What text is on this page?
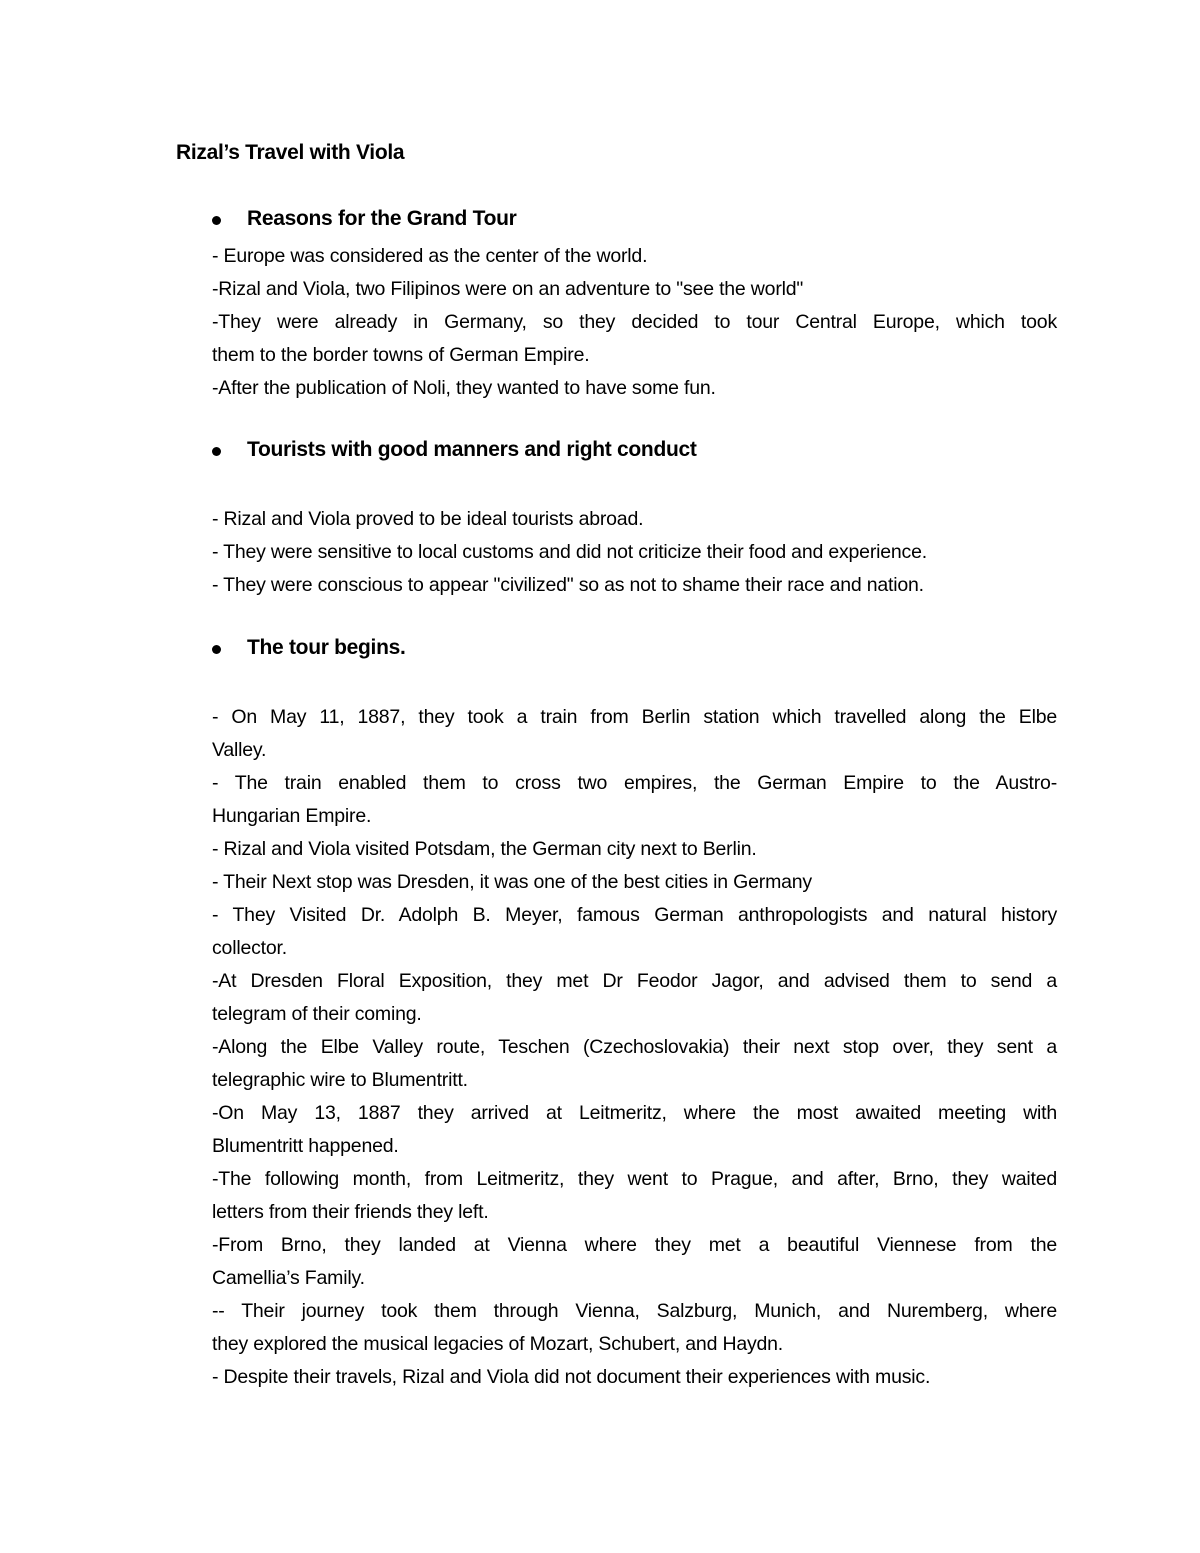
Rizal’s Travel with Viola
Reasons for the Grand Tour
- Europe was considered as the center of the world.
-Rizal and Viola, two Filipinos were on an adventure to "see the world"
-They were already in Germany, so they decided to tour Central Europe, which took
them to the border towns of German Empire.
-After the publication of Noli, they wanted to have some fun.
Tourists with good manners and right conduct
- Rizal and Viola proved to be ideal tourists abroad.
- They were sensitive to local customs and did not criticize their food and experience.
- They were conscious to appear "civilized" so as not to shame their race and nation.
The tour begins.
- On May 11, 1887, they took a train from Berlin station which travelled along the Elbe
Valley.
- The train enabled them to cross two empires, the German Empire to the Austro-
Hungarian Empire.
- Rizal and Viola visited Potsdam, the German city next to Berlin.
- Their Next stop was Dresden, it was one of the best cities in Germany
- They Visited Dr. Adolph B. Meyer, famous German anthropologists and natural history
collector.
-At Dresden Floral Exposition, they met Dr Feodor Jagor, and advised them to send a
telegram of their coming.
-Along the Elbe Valley route, Teschen (Czechoslovakia) their next stop over, they sent a
telegraphic wire to Blumentritt.
-On May 13, 1887 they arrived at Leitmeritz, where the most awaited meeting with
Blumentritt happened.
-The following month, from Leitmeritz, they went to Prague, and after, Brno, they waited
letters from their friends they left.
-From Brno, they landed at Vienna where they met a beautiful Viennese from the
Camellia’s Family.
-- Their journey took them through Vienna, Salzburg, Munich, and Nuremberg, where
they explored the musical legacies of Mozart, Schubert, and Haydn.
- Despite their travels, Rizal and Viola did not document their experiences with music.
